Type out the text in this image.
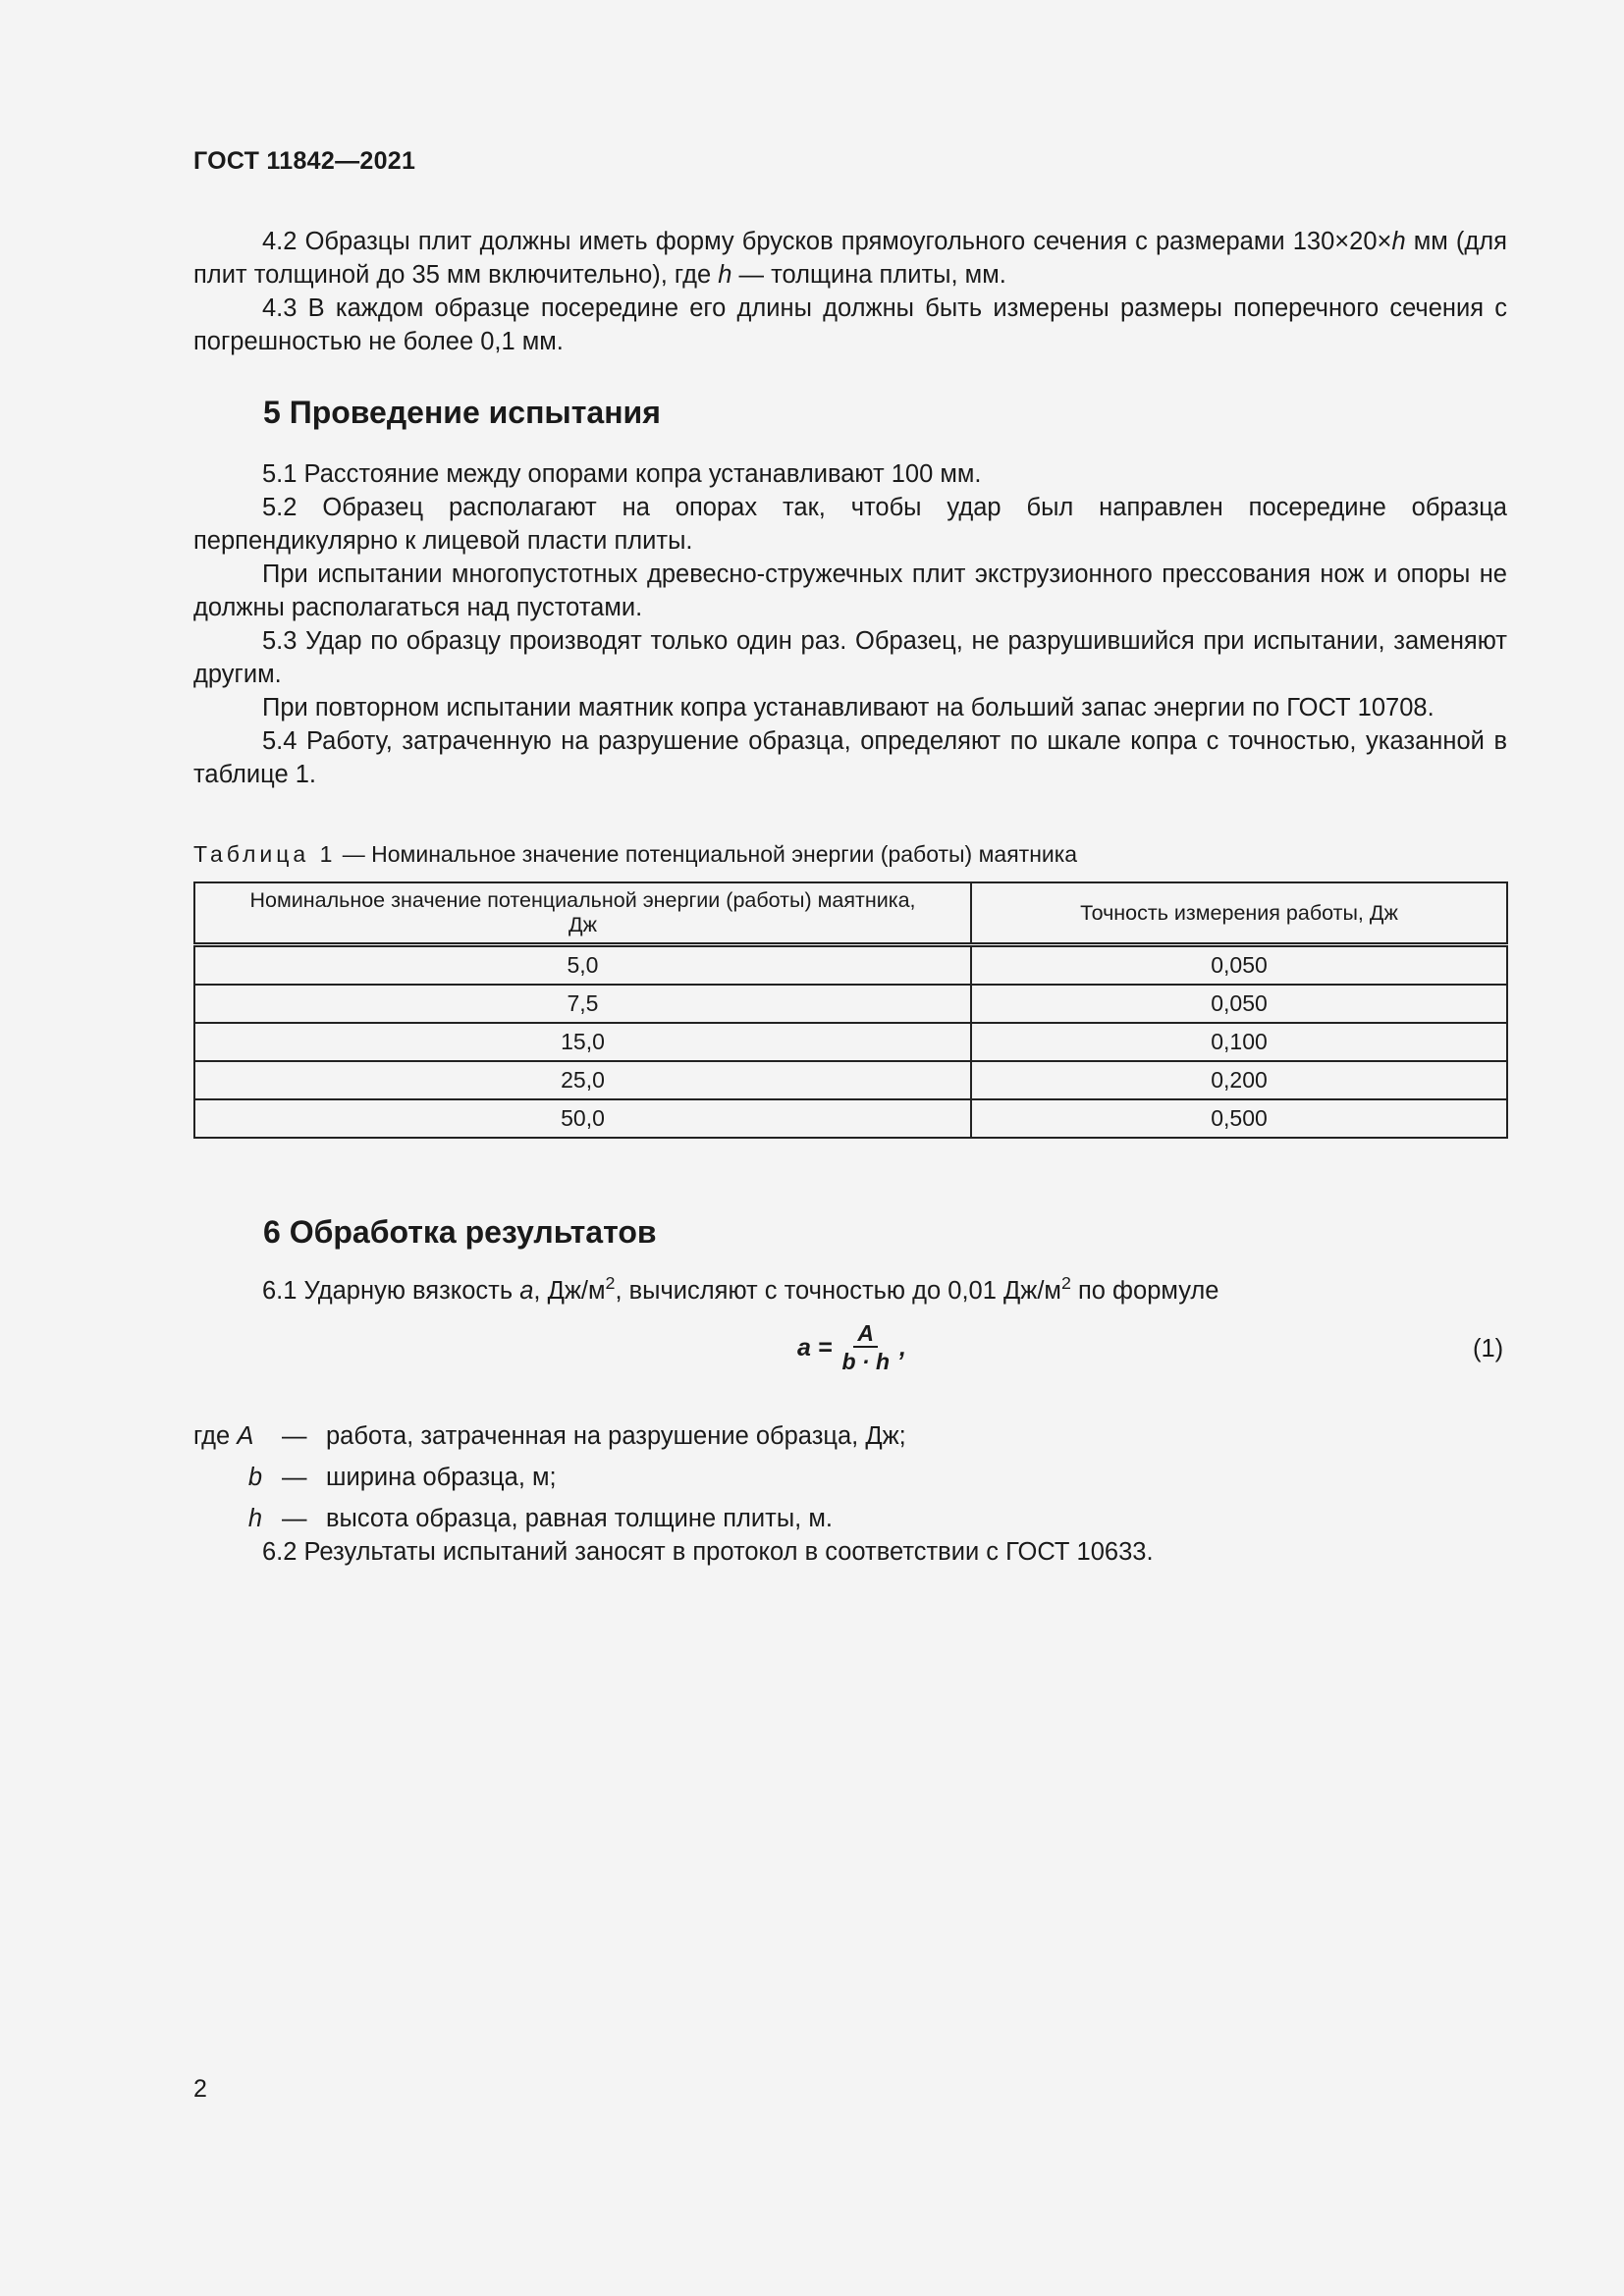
ГОСТ 11842—2021

4.2 Образцы плит должны иметь форму брусков прямоугольного сечения с размерами 130×20×h мм (для плит толщиной до 35 мм включительно), где h — толщина плиты, мм.

4.3 В каждом образце посередине его длины должны быть измерены размеры поперечного сечения с погрешностью не более 0,1 мм.

5 Проведение испытания

5.1 Расстояние между опорами копра устанавливают 100 мм.

5.2 Образец располагают на опорах так, чтобы удар был направлен посередине образца перпендикулярно к лицевой пласти плиты.

При испытании многопустотных древесно-стружечных плит экструзионного прессования нож и опоры не должны располагаться над пустотами.

5.3 Удар по образцу производят только один раз. Образец, не разрушившийся при испытании, заменяют другим.

При повторном испытании маятник копра устанавливают на больший запас энергии по ГОСТ 10708.

5.4 Работу, затраченную на разрушение образца, определяют по шкале копра с точностью, указанной в таблице 1.

Таблица 1 — Номинальное значение потенциальной энергии (работы) маятника
Номинальное значение потенциальной энергии (работы) маятника, Дж	Точность измерения работы, Дж
5,0	0,050
7,5	0,050
15,0	0,100
25,0	0,200
50,0	0,500
6 Обработка результатов

6.1 Ударную вязкость a, $Дж/м^2$, вычисляют с точностью до 0,01 $Дж/м^2$ по формуле

$a = \frac{A}{b \cdot h}$ ,	(1)
где A — работа, затраченная на разрушение образца, Дж;
b — ширина образца, м;
h — высота образца, равная толщине плиты, м.

6.2 Результаты испытаний заносят в протокол в соответствии с ГОСТ 10633.

2
